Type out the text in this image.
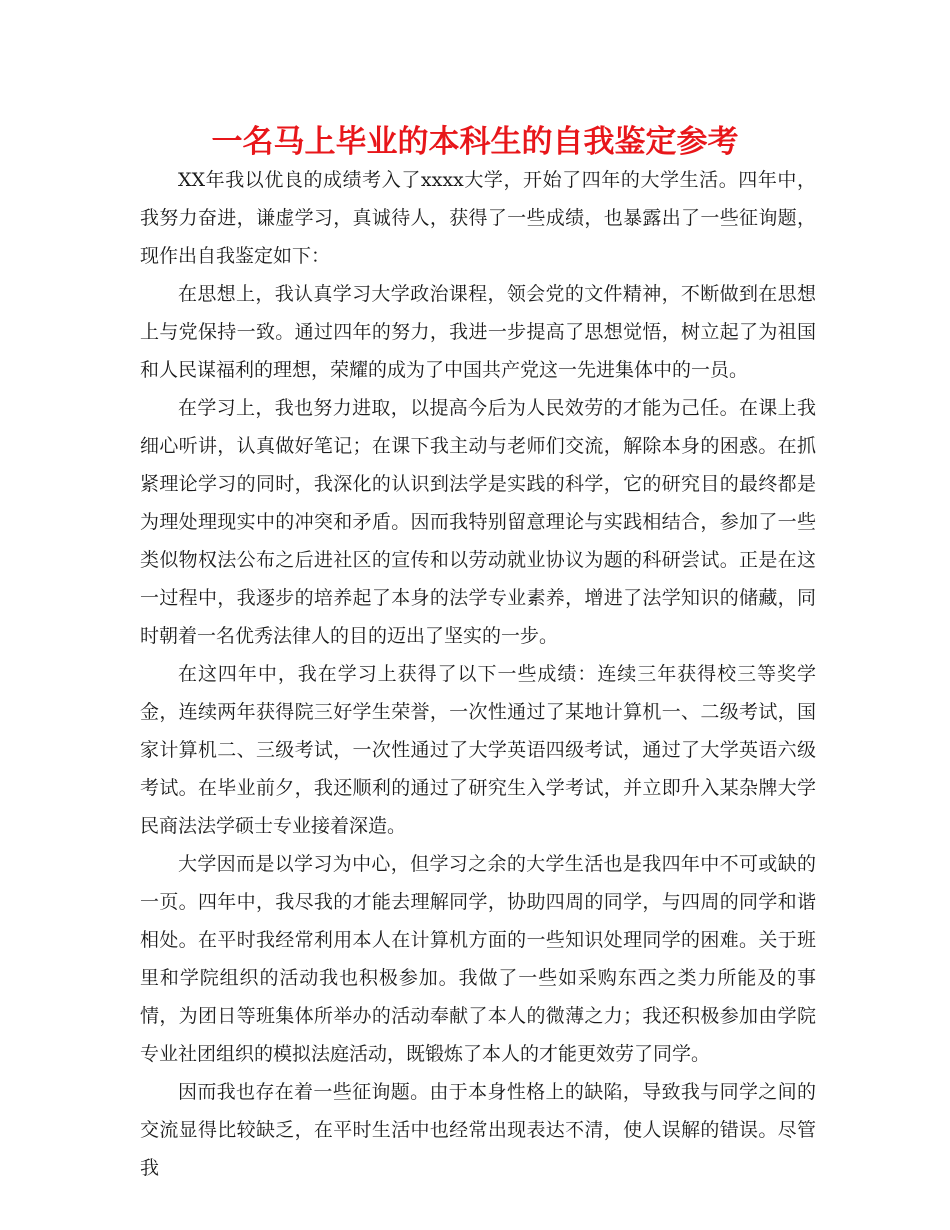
一名马上毕业的本科生的自我鉴定参考

XX年我以优良的成绩考入了xxxx大学，开始了四年的大学生活。四年中，我努力奋进，谦虚学习，真诚待人，获得了一些成绩，也暴露出了一些征询题，现作出自我鉴定如下：

在思想上，我认真学习大学政治课程，领会党的文件精神，不断做到在思想上与党保持一致。通过四年的努力，我进一步提高了思想觉悟，树立起了为祖国和人民谋福利的理想，荣耀的成为了中国共产党这一先进集体中的一员。

在学习上，我也努力进取，以提高今后为人民效劳的才能为己任。在课上我细心听讲，认真做好笔记；在课下我主动与老师们交流，解除本身的困惑。在抓紧理论学习的同时，我深化的认识到法学是实践的科学，它的研究目的最终都是为理处理现实中的冲突和矛盾。因而我特别留意理论与实践相结合，参加了一些类似物权法公布之后进社区的宣传和以劳动就业协议为题的科研尝试。正是在这一过程中，我逐步的培养起了本身的法学专业素养，增进了法学知识的储藏，同时朝着一名优秀法律人的目的迈出了坚实的一步。

在这四年中，我在学习上获得了以下一些成绩：连续三年获得校三等奖学金，连续两年获得院三好学生荣誉，一次性通过了某地计算机一、二级考试，国家计算机二、三级考试，一次性通过了大学英语四级考试，通过了大学英语六级考试。在毕业前夕，我还顺利的通过了研究生入学考试，并立即升入某杂牌大学民商法法学硕士专业接着深造。

大学因而是以学习为中心，但学习之余的大学生活也是我四年中不可或缺的一页。四年中，我尽我的才能去理解同学，协助四周的同学，与四周的同学和谐相处。在平时我经常利用本人在计算机方面的一些知识处理同学的困难。关于班里和学院组织的活动我也积极参加。我做了一些如采购东西之类力所能及的事情，为团日等班集体所举办的活动奉献了本人的微薄之力；我还积极参加由学院专业社团组织的模拟法庭活动，既锻炼了本人的才能更效劳了同学。

因而我也存在着一些征询题。由于本身性格上的缺陷，导致我与同学之间的交流显得比较缺乏，在平时生活中也经常出现表达不清，使人误解的错误。尽管我
